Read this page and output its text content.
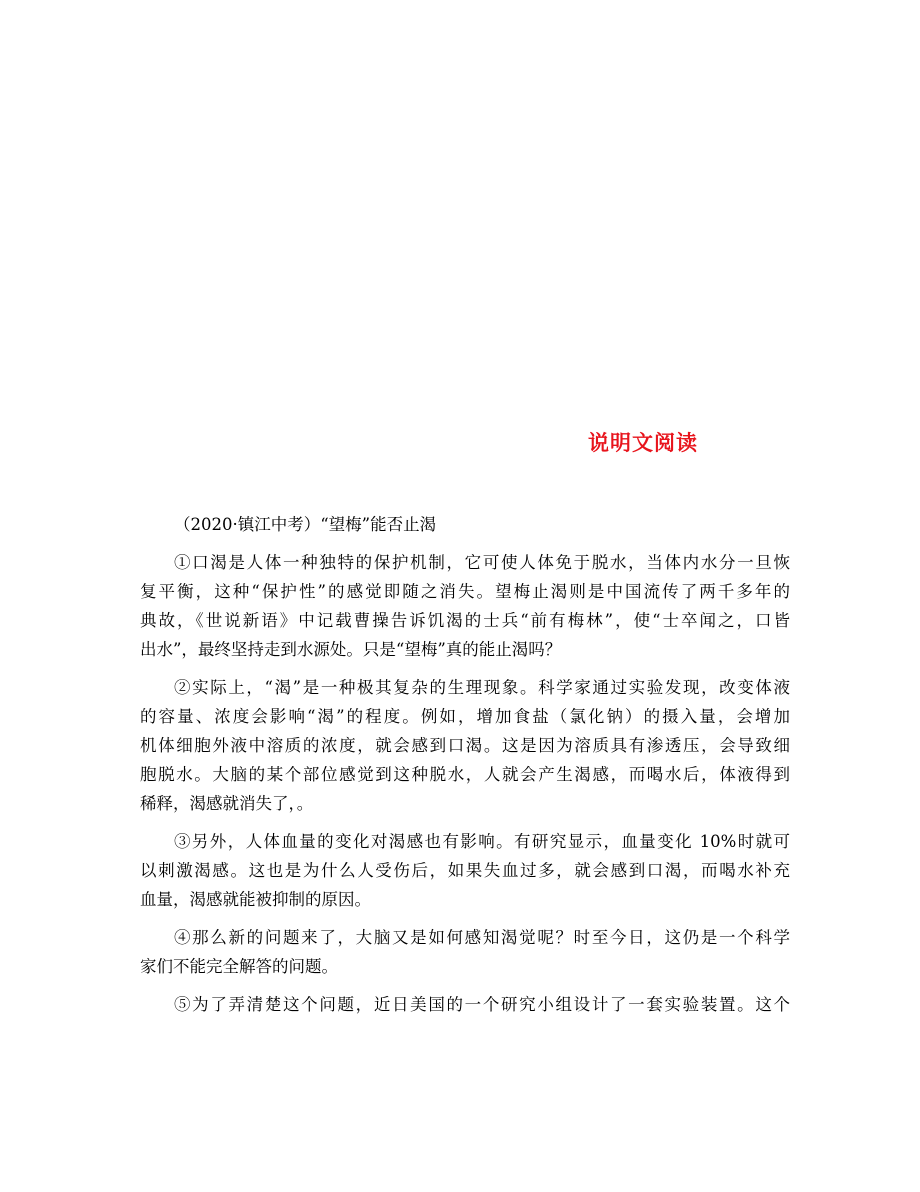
说明文阅读

（2020·镇江中考）“望梅”能否止渴

①口渴是人体一种独特的保护机制，它可使人体免于脱水，当体内水分一旦恢

复平衡，这种“保护性”的感觉即随之消失。望梅止渴则是中国流传了两千多年的

典故，《世说新语》中记载曹操告诉饥渴的士兵“前有梅林”，使“士卒闻之，口皆

出水”，最终坚持走到水源处。只是“望梅”真的能止渴吗？

②实际上，“渴”是一种极其复杂的生理现象。科学家通过实验发现，改变体液

的容量、浓度会影响“渴”的程度。例如，增加食盐（氯化钠）的摄入量，会增加

机体细胞外液中溶质的浓度，就会感到口渴。这是因为溶质具有渗透压，会导致细

胞脱水。大脑的某个部位感觉到这种脱水，人就会产生渴感，而喝水后，体液得到

稀释，渴感就消失了，。

③另外，人体血量的变化对渴感也有影响。有研究显示，血量变化 10%时就可

以刺激渴感。这也是为什么人受伤后，如果失血过多，就会感到口渴，而喝水补充

血量，渴感就能被抑制的原因。

④那么新的问题来了，大脑又是如何感知渴觉呢？时至今日，这仍是一个科学

家们不能完全解答的问题。

⑤为了弄清楚这个问题，近日美国的一个研究小组设计了一套实验装置。这个
